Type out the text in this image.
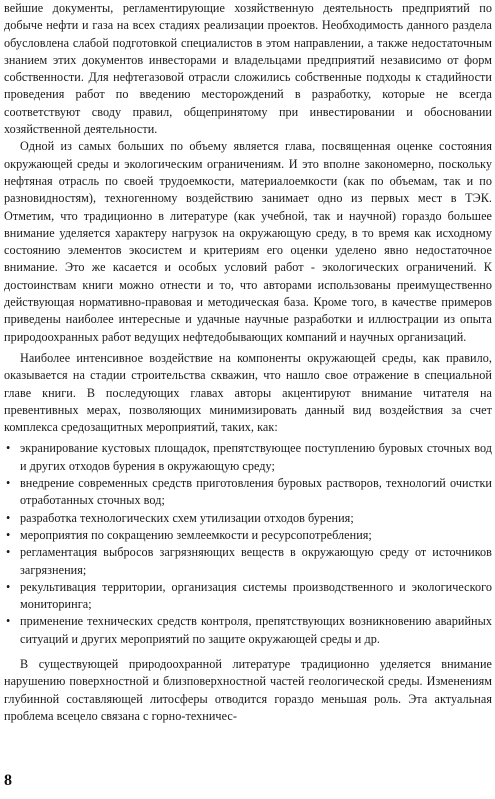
вейшие документы, регламентирующие хозяйственную деятельность предприятий по добыче нефти и газа на всех стадиях реализации проектов. Необходимость данного раздела обусловлена слабой подготовкой специалистов в этом направлении, а также недостаточным знанием этих документов инвесторами и владельцами предприятий независимо от форм собственности. Для нефтегазовой отрасли сложились собственные подходы к стадийности проведения работ по введению месторождений в разработку, которые не всегда соответствуют своду правил, общепринятому при инвестировании и обосновании хозяйственной деятельности.

Одной из самых больших по объему является глава, посвященная оценке состояния окружающей среды и экологическим ограничениям. И это вполне закономерно, поскольку нефтяная отрасль по своей трудоемкости, материалоемкости (как по объемам, так и по разновидностям), техногенному воздействию занимает одно из первых мест в ТЭК. Отметим, что традиционно в литературе (как учебной, так и научной) гораздо большее внимание уделяется характеру нагрузок на окружающую среду, в то время как исходному состоянию элементов экосистем и критериям его оценки уделено явно недостаточное внимание. Это же касается и особых условий работ - экологических ограничений. К достоинствам книги можно отнести и то, что авторами использованы преимущественно действующая нормативно-правовая и методическая база. Кроме того, в качестве примеров приведены наиболее интересные и удачные научные разработки и иллюстрации из опыта природоохранных работ ведущих нефтедобывающих компаний и научных организаций.

Наиболее интенсивное воздействие на компоненты окружающей среды, как правило, оказывается на стадии строительства скважин, что нашло свое отражение в специальной главе книги. В последующих главах авторы акцентируют внимание читателя на превентивных мерах, позволяющих минимизировать данный вид воздействия за счет комплекса средозащитных мероприятий, таких, как:

• экранирование кустовых площадок, препятствующее поступлению буровых сточных вод и других отходов бурения в окружающую среду;
• внедрение современных средств приготовления буровых растворов, технологий очистки отработанных сточных вод;
• разработка технологических схем утилизации отходов бурения;
• мероприятия по сокращению землеемкости и ресурсопотребления;
• регламентация выбросов загрязняющих веществ в окружающую среду от источников загрязнения;
• рекультивация территории, организация системы производственного и экологического мониторинга;
• применение технических средств контроля, препятствующих возникновению аварийных ситуаций и других мероприятий по защите окружающей среды и др.

В существующей природоохранной литературе традиционно уделяется внимание нарушению поверхностной и близповерхностной частей геологической среды. Изменениям глубинной составляющей литосферы отводится гораздо меньшая роль. Эта актуальная проблема всецело связана с горно-техничес-

8
